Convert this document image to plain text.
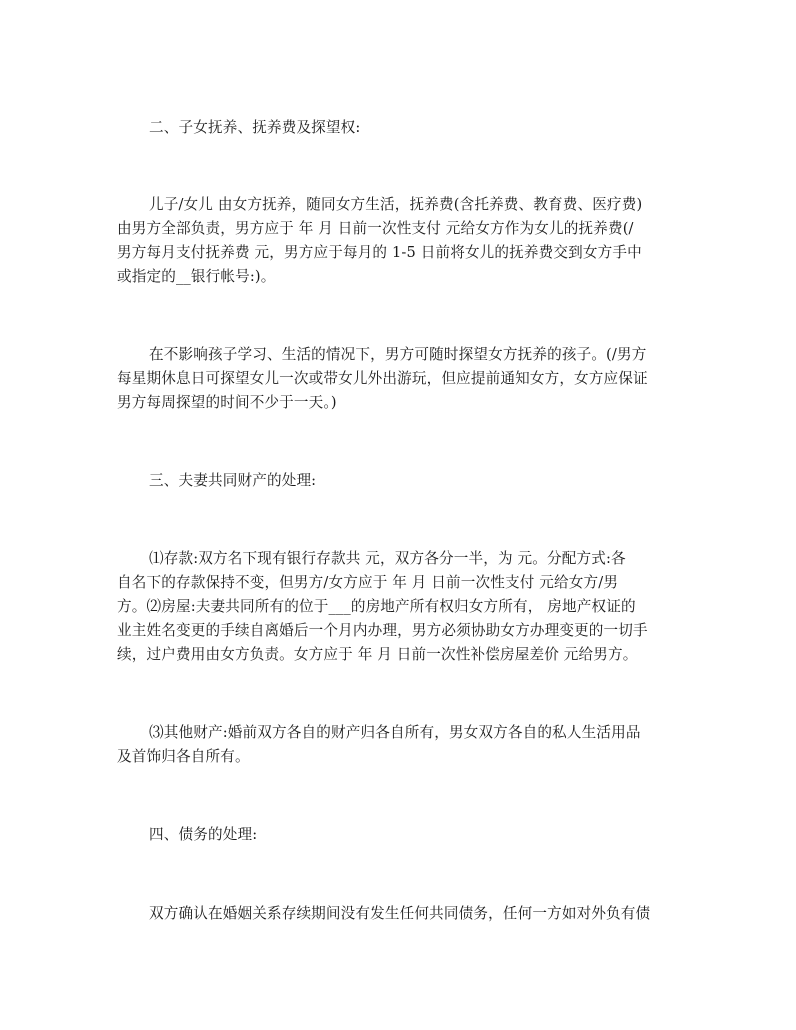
二、子女抚养、抚养费及探望权:
儿子/女儿 由女方抚养，随同女方生活，抚养费(含托养费、教育费、医疗费)
由男方全部负责，男方应于 年 月 日前一次性支付 元给女方作为女儿的抚养费(/
男方每月支付抚养费 元，男方应于每月的 1-5 日前将女儿的抚养费交到女方手中
或指定的__银行帐号:)。
在不影响孩子学习、生活的情况下，男方可随时探望女方抚养的孩子。(/男方
每星期休息日可探望女儿一次或带女儿外出游玩，但应提前通知女方，女方应保证
男方每周探望的时间不少于一天。)
三、夫妻共同财产的处理:
⑴存款:双方名下现有银行存款共 元，双方各分一半，为 元。分配方式:各
自名下的存款保持不变，但男方/女方应于 年 月 日前一次性支付 元给女方/男
方。⑵房屋:夫妻共同所有的位于___的房地产所有权归女方所有， 房地产权证的
业主姓名变更的手续自离婚后一个月内办理，男方必须协助女方办理变更的一切手
续，过户费用由女方负责。女方应于 年 月 日前一次性补偿房屋差价 元给男方。
⑶其他财产:婚前双方各自的财产归各自所有，男女双方各自的私人生活用品
及首饰归各自所有。
四、债务的处理:
双方确认在婚姻关系存续期间没有发生任何共同债务，任何一方如对外负有债
